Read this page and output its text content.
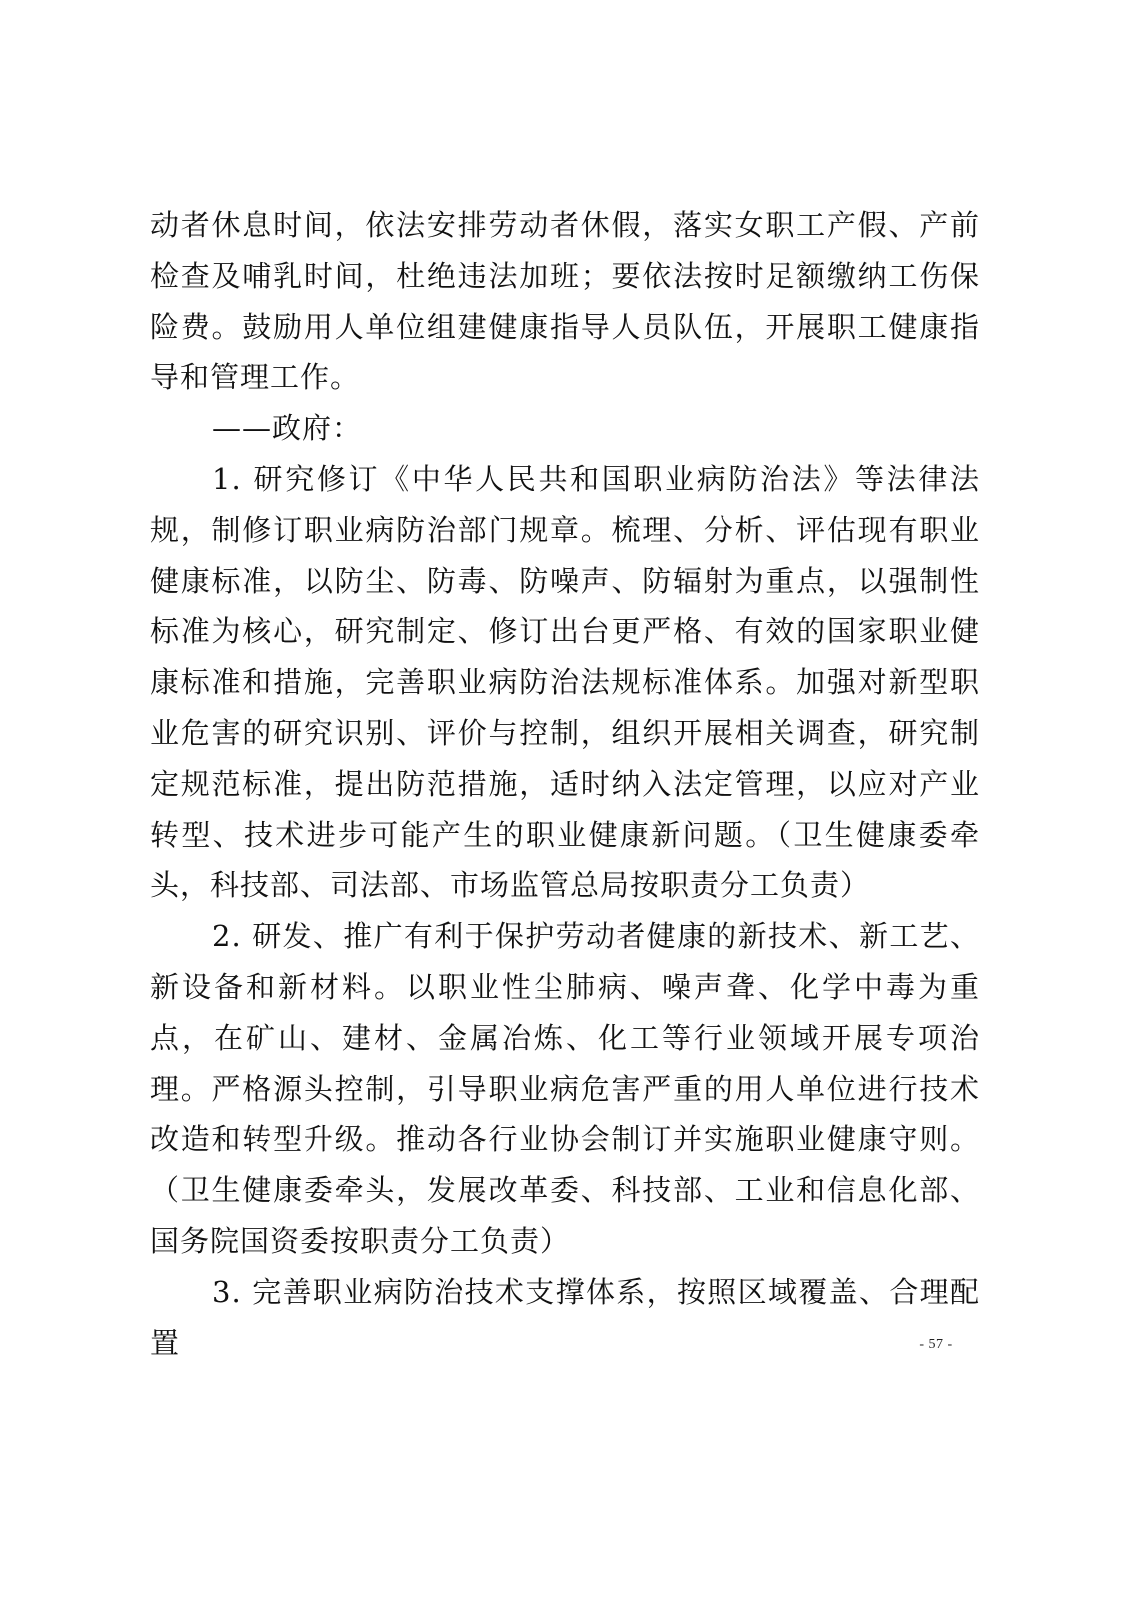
动者休息时间，依法安排劳动者休假，落实女职工产假、产前检查及哺乳时间，杜绝违法加班；要依法按时足额缴纳工伤保险费。鼓励用人单位组建健康指导人员队伍，开展职工健康指导和管理工作。

——政府：

1. 研究修订《中华人民共和国职业病防治法》等法律法规，制修订职业病防治部门规章。梳理、分析、评估现有职业健康标准，以防尘、防毒、防噪声、防辐射为重点，以强制性标准为核心，研究制定、修订出台更严格、有效的国家职业健康标准和措施，完善职业病防治法规标准体系。加强对新型职业危害的研究识别、评价与控制，组织开展相关调查，研究制定规范标准，提出防范措施，适时纳入法定管理，以应对产业转型、技术进步可能产生的职业健康新问题。（卫生健康委牵头，科技部、司法部、市场监管总局按职责分工负责）

2. 研发、推广有利于保护劳动者健康的新技术、新工艺、新设备和新材料。以职业性尘肺病、噪声聋、化学中毒为重点，在矿山、建材、金属冶炼、化工等行业领域开展专项治理。严格源头控制，引导职业病危害严重的用人单位进行技术改造和转型升级。推动各行业协会制订并实施职业健康守则。（卫生健康委牵头，发展改革委、科技部、工业和信息化部、国务院国资委按职责分工负责）

3. 完善职业病防治技术支撑体系，按照区域覆盖、合理配置	- 57 -
